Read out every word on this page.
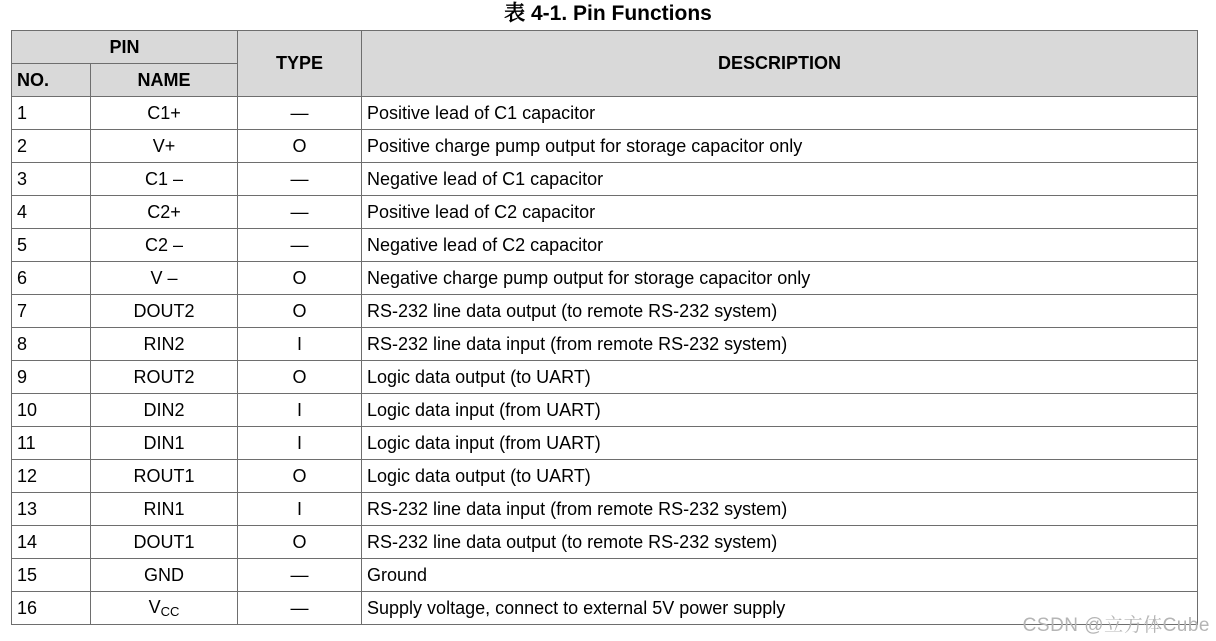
表 4-1. Pin Functions
PIN		TYPE	DESCRIPTION
NO.	NAME		
1	C1+	—	Positive lead of C1 capacitor
2	V+	O	Positive charge pump output for storage capacitor only
3	C1 –	—	Negative lead of C1 capacitor
4	C2+	—	Positive lead of C2 capacitor
5	C2 –	—	Negative lead of C2 capacitor
6	V –	O	Negative charge pump output for storage capacitor only
7	DOUT2	O	RS-232 line data output (to remote RS-232 system)
8	RIN2	I	RS-232 line data input (from remote RS-232 system)
9	ROUT2	O	Logic data output (to UART)
10	DIN2	I	Logic data input (from UART)
11	DIN1	I	Logic data input (from UART)
12	ROUT1	O	Logic data output (to UART)
13	RIN1	I	RS-232 line data input (from remote RS-232 system)
14	DOUT1	O	RS-232 line data output (to remote RS-232 system)
15	GND	—	Ground
16	$V_{CC}$	—	Supply voltage, connect to external 5V power supply
CSDN @立方体Cube
